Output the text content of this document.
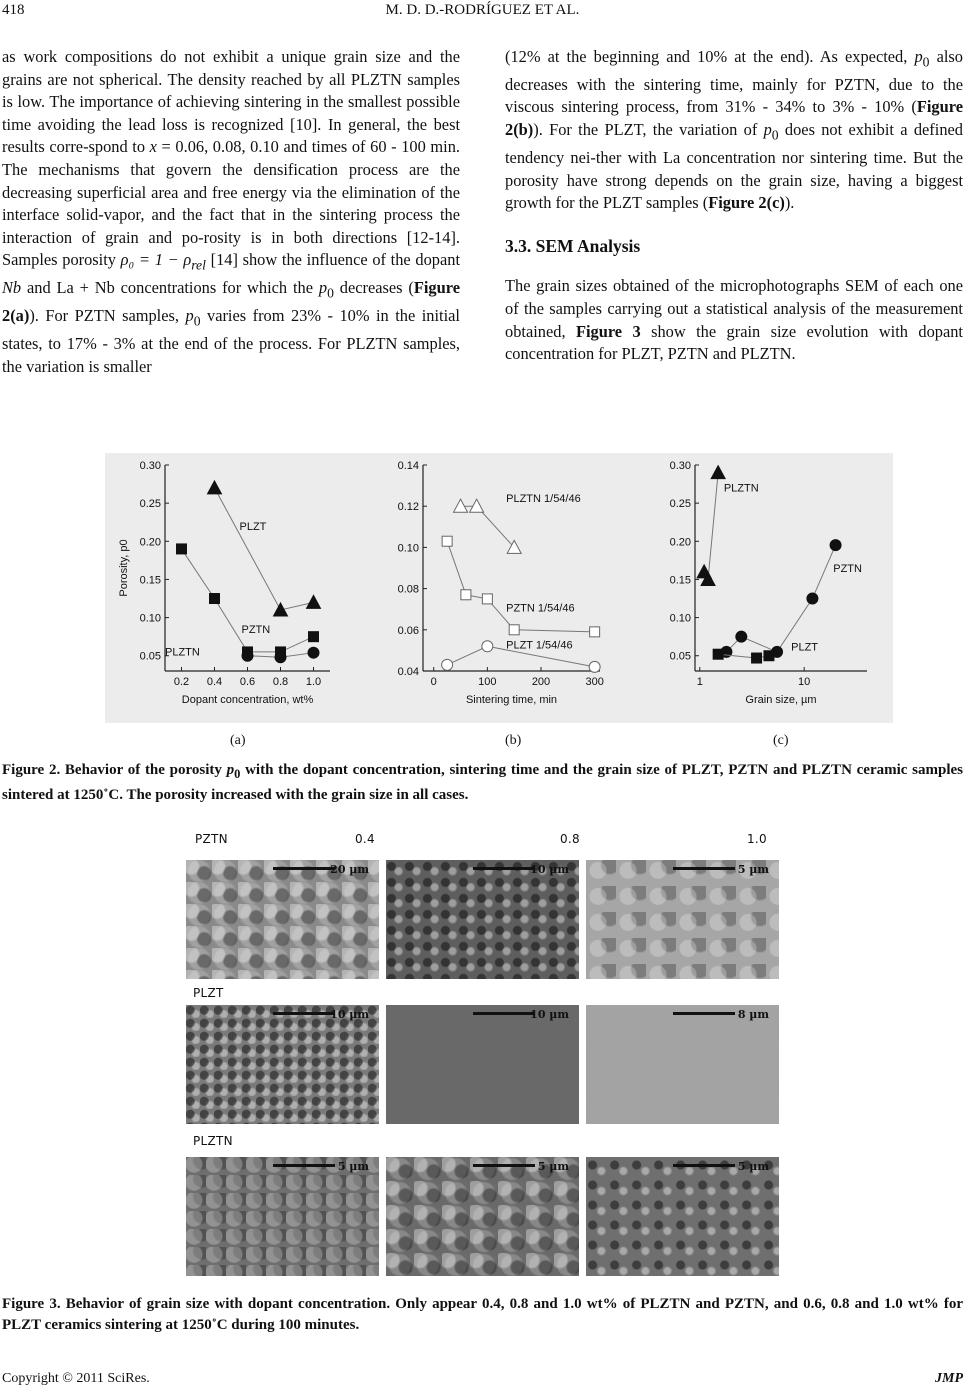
418	M. D. D.-RODRÍGUEZ ET AL.

as work compositions do not exhibit a unique grain size and the grains are not spherical. The density reached by all PLZTN samples is low. The importance of achieving sintering in the smallest possible time avoiding the lead loss is recognized [10]. In general, the best results corre-spond to x = 0.06, 0.08, 0.10 and times of 60 - 100 min. The mechanisms that govern the densification process are the decreasing superficial area and free energy via the elimination of the interface solid-vapor, and the fact that in the sintering process the interaction of grain and po-rosity is in both directions [12-14]. Samples porosity $\rho_0 = 1 - \rho_{rel}$ [14] show the influence of the dopant Nb and La + Nb concentrations for which the $p_0$ decreases (Figure 2(a)). For PZTN samples, $p_0$ varies from 23% - 10% in the initial states, to 17% - 3% at the end of the process. For PLZTN samples, the variation is smaller

(12% at the beginning and 10% at the end). As expected, $p_0$ also decreases with the sintering time, mainly for PZTN, due to the viscous sintering process, from 31% - 34% to 3% - 10% (Figure 2(b)). For the PLZT, the variation of $p_0$ does not exhibit a defined tendency nei-ther with La concentration nor sintering time. But the porosity have strong depends on the grain size, having a biggest growth for the PLZT samples (Figure 2(c)).

3.3. SEM Analysis

The grain sizes obtained of the microphotographs SEM of each one of the samples carrying out a statistical analysis of the measurement obtained, Figure 3 show the grain size evolution with dopant concentration for PLZT, PZTN and PLZTN.

0.05
0.10
0.15
0.20
0.25
0.30
0.2 0.4 0.6 0.8 1.0
Dopant concentration, wt%
Porosity, p0
PLZT
PZTN
PLZTN
0.04
0.06
0.08
0.10
0.12
0.14
0	100	200	300
Sintering time, min
PLZTN 1/54/46
PZTN 1/54/46
PLZT 1/54/46
0.05
0.10
0.15
0.20
0.25
0.30
1	10
Grain size, µm
PLZTN
PZTN
PLZT
(a)	(b)	(c)
Figure 2. Behavior of the porosity $p_0$ with the dopant concentration, sintering time and the grain size of PLZT, PZTN and PLZTN ceramic samples sintered at 1250˚C. The porosity increased with the grain size in all cases.
PZTN	0.4	0.8	1.0
PLZT
PLZTN
20 µm	10 µm	5 µm
10 µm	10 µm	8 µm
5 µm	5 µm	5 µm
Figure 3. Behavior of grain size with dopant concentration. Only appear 0.4, 0.8 and 1.0 wt% of PLZTN and PZTN, and 0.6, 0.8 and 1.0 wt% for PLZT ceramics sintering at 1250˚C during 100 minutes.
Copyright © 2011 SciRes.	JMP
